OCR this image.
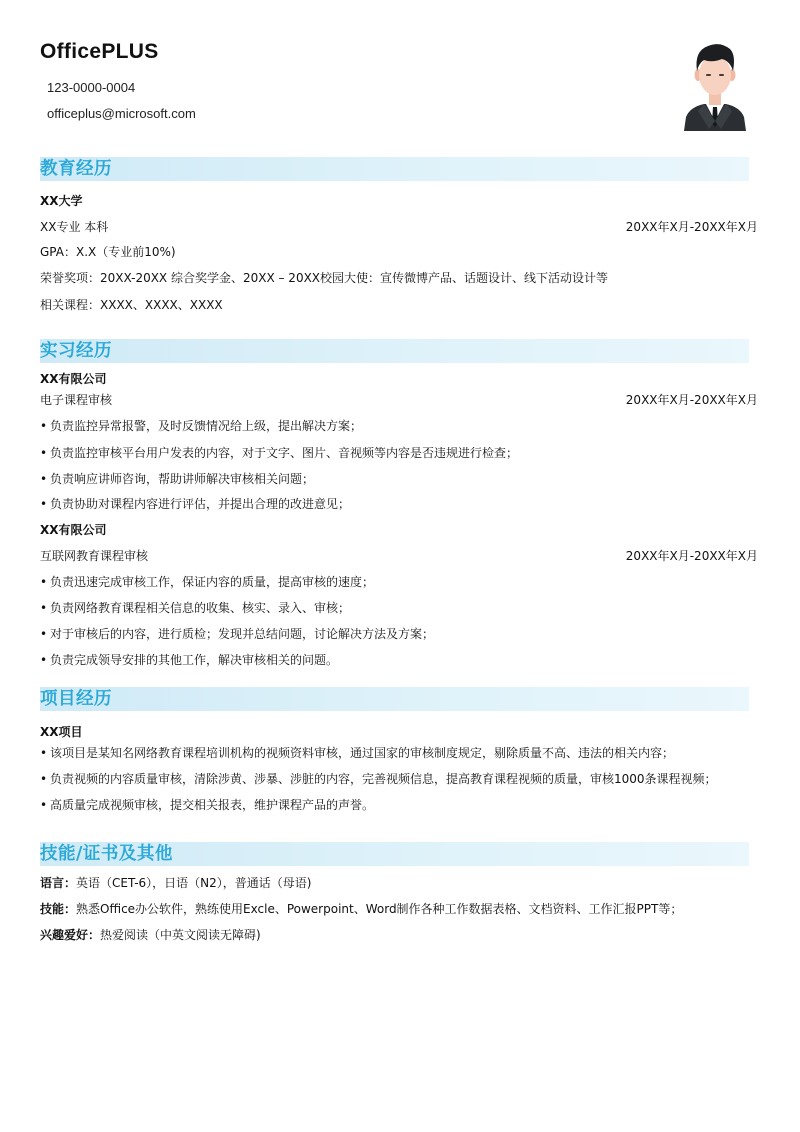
OfficePLUS
123-0000-0004
officeplus@microsoft.com
教育经历
XX大学
XX专业 本科	20XX年X月-20XX年X月
GPA：X.X（专业前10%)
荣誉奖项：20XX-20XX 综合奖学金、20XX – 20XX校园大使：宣传微博产品、话题设计、线下活动设计等
相关课程：XXXX、XXXX、XXXX
实习经历
XX有限公司
电子课程审核	20XX年X月-20XX年X月
• 负责监控异常报警，及时反馈情况给上级，提出解决方案；
• 负责监控审核平台用户发表的内容，对于文字、图片、音视频等内容是否违规进行检查；
• 负责响应讲师咨询，帮助讲师解决审核相关问题；
• 负责协助对课程内容进行评估，并提出合理的改进意见；
XX有限公司
互联网教育课程审核	20XX年X月-20XX年X月
• 负责迅速完成审核工作，保证内容的质量，提高审核的速度；
• 负责网络教育课程相关信息的收集、核实、录入、审核；
• 对于审核后的内容，进行质检；发现并总结问题，讨论解决方法及方案；
• 负责完成领导安排的其他工作，解决审核相关的问题。
项目经历
XX项目
• 该项目是某知名网络教育课程培训机构的视频资料审核，通过国家的审核制度规定，剔除质量不高、违法的相关内容；
• 负责视频的内容质量审核，清除涉黄、涉暴、涉脏的内容，完善视频信息，提高教育课程视频的质量，审核1000条课程视频；
• 高质量完成视频审核，提交相关报表，维护课程产品的声誉。
技能/证书及其他
语言：英语（CET-6），日语（N2），普通话（母语)
技能：熟悉Office办公软件，熟练使用Excle、Powerpoint、Word制作各种工作数据表格、文档资料、工作汇报PPT等；
兴趣爱好：热爱阅读（中英文阅读无障碍)
